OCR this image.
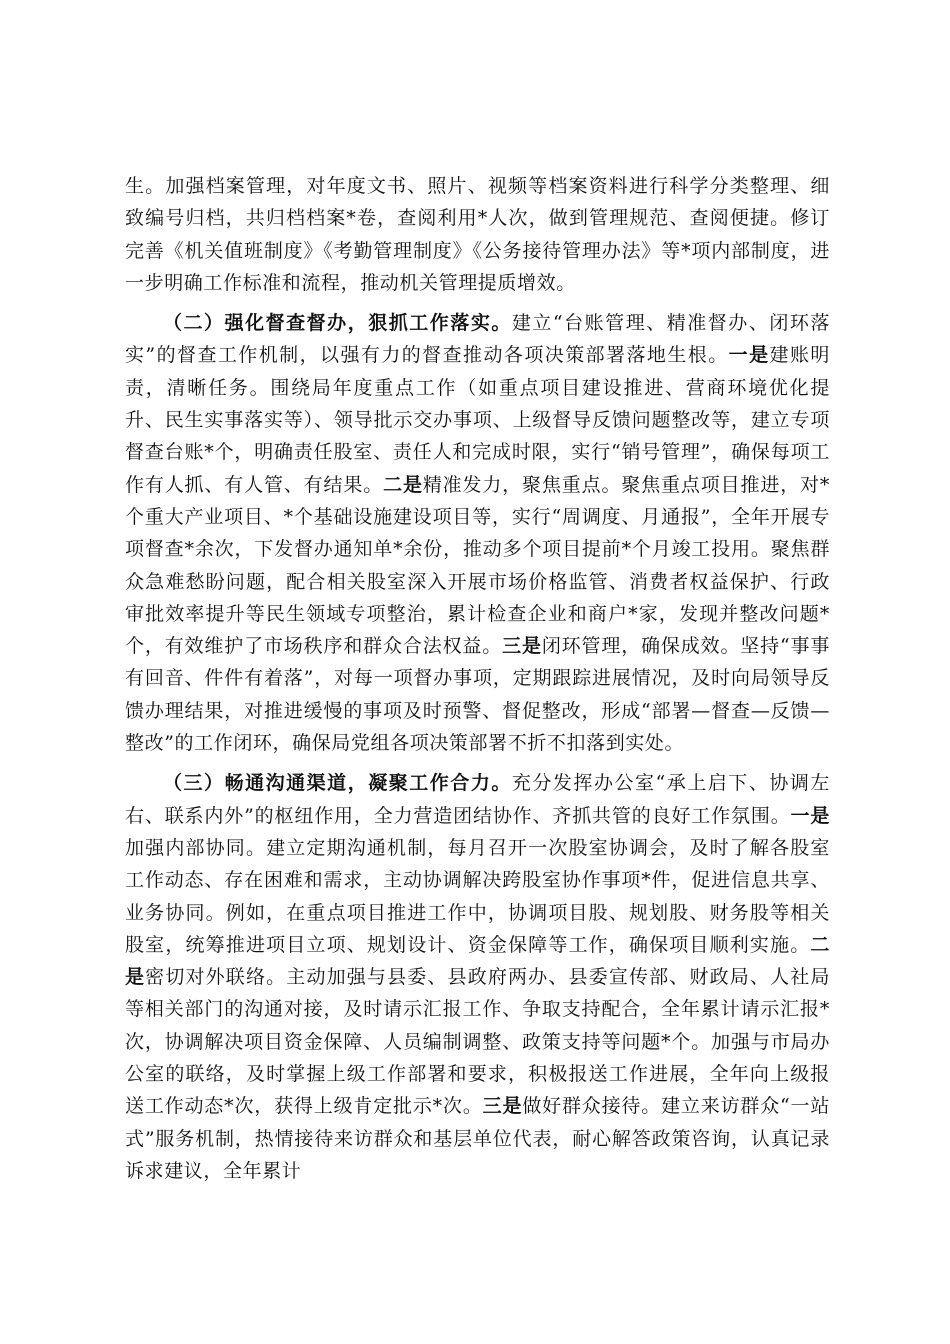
生。加强档案管理，对年度文书、照片、视频等档案资料进行科学分类整理、细致编号归档，共归档档案*卷，查阅利用*人次，做到管理规范、查阅便捷。修订完善《机关值班制度》《考勤管理制度》《公务接待管理办法》等*项内部制度，进一步明确工作标准和流程，推动机关管理提质增效。

（二）强化督查督办，狠抓工作落实。建立“台账管理、精准督办、闭环落实”的督查工作机制，以强有力的督查推动各项决策部署落地生根。一是建账明责，清晰任务。围绕局年度重点工作（如重点项目建设推进、营商环境优化提升、民生实事落实等）、领导批示交办事项、上级督导反馈问题整改等，建立专项督查台账*个，明确责任股室、责任人和完成时限，实行“销号管理”，确保每项工作有人抓、有人管、有结果。二是精准发力，聚焦重点。聚焦重点项目推进，对*个重大产业项目、*个基础设施建设项目等，实行“周调度、月通报”，全年开展专项督查*余次，下发督办通知单*余份，推动多个项目提前*个月竣工投用。聚焦群众急难愁盼问题，配合相关股室深入开展市场价格监管、消费者权益保护、行政审批效率提升等民生领域专项整治，累计检查企业和商户*家，发现并整改问题*个，有效维护了市场秩序和群众合法权益。三是闭环管理，确保成效。坚持“事事有回音、件件有着落”，对每一项督办事项，定期跟踪进展情况，及时向局领导反馈办理结果，对推进缓慢的事项及时预警、督促整改，形成“部署—督查—反馈—整改”的工作闭环，确保局党组各项决策部署不折不扣落到实处。

（三）畅通沟通渠道，凝聚工作合力。充分发挥办公室“承上启下、协调左右、联系内外”的枢纽作用，全力营造团结协作、齐抓共管的良好工作氛围。一是加强内部协同。建立定期沟通机制，每月召开一次股室协调会，及时了解各股室工作动态、存在困难和需求，主动协调解决跨股室协作事项*件，促进信息共享、业务协同。例如，在重点项目推进工作中，协调项目股、规划股、财务股等相关股室，统筹推进项目立项、规划设计、资金保障等工作，确保项目顺利实施。二是密切对外联络。主动加强与县委、县政府两办、县委宣传部、财政局、人社局等相关部门的沟通对接，及时请示汇报工作、争取支持配合，全年累计请示汇报*次，协调解决项目资金保障、人员编制调整、政策支持等问题*个。加强与市局办公室的联络，及时掌握上级工作部署和要求，积极报送工作进展，全年向上级报送工作动态*次，获得上级肯定批示*次。三是做好群众接待。建立来访群众“一站式”服务机制，热情接待来访群众和基层单位代表，耐心解答政策咨询，认真记录诉求建议，全年累计
